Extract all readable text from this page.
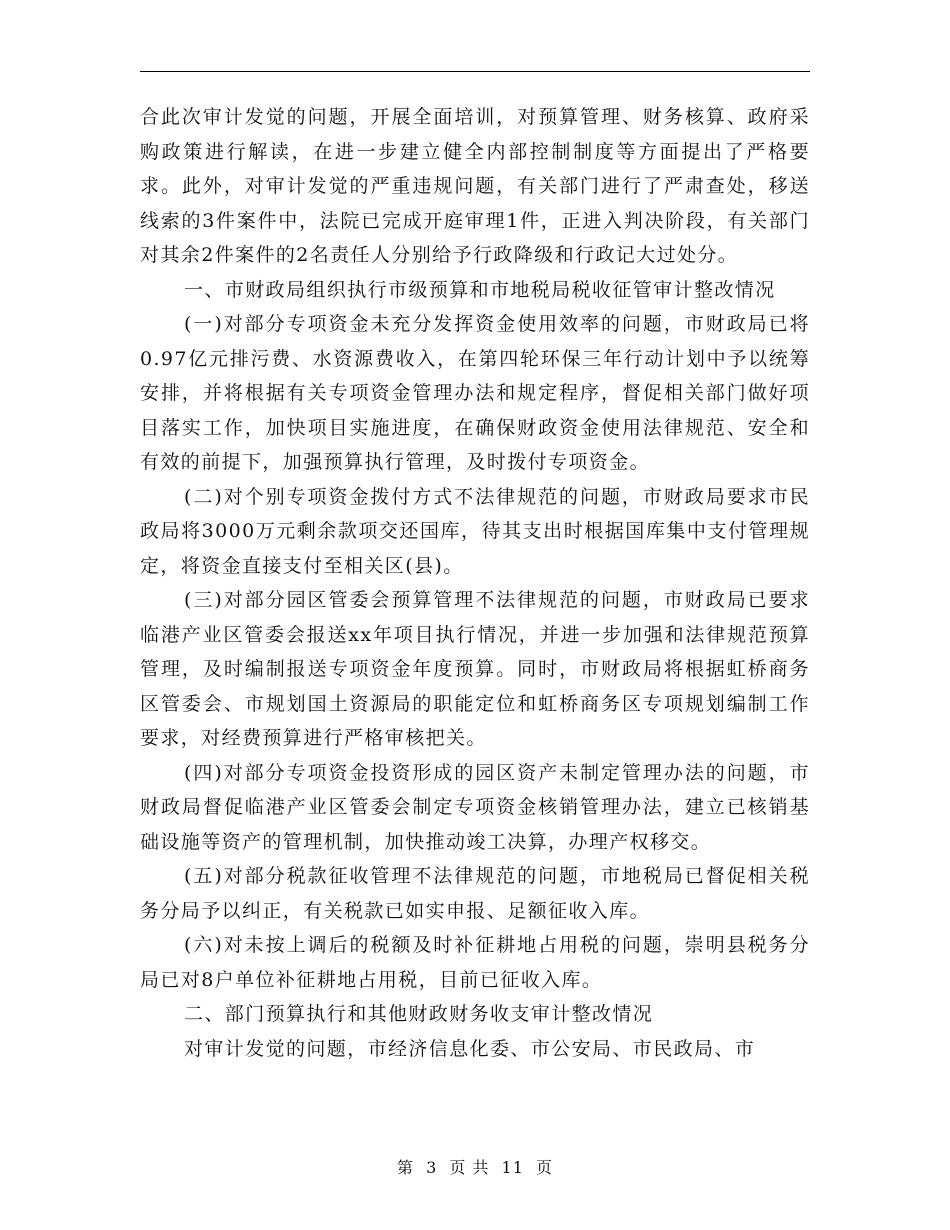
合此次审计发觉的问题，开展全面培训，对预算管理、财务核算、政府采购政策进行解读，在进一步建立健全内部控制制度等方面提出了严格要求。此外，对审计发觉的严重违规问题，有关部门进行了严肃查处，移送线索的3件案件中，法院已完成开庭审理1件，正进入判决阶段，有关部门对其余2件案件的2名责任人分别给予行政降级和行政记大过处分。

一、市财政局组织执行市级预算和市地税局税收征管审计整改情况

(一)对部分专项资金未充分发挥资金使用效率的问题，市财政局已将0.97亿元排污费、水资源费收入，在第四轮环保三年行动计划中予以统筹安排，并将根据有关专项资金管理办法和规定程序，督促相关部门做好项目落实工作，加快项目实施进度，在确保财政资金使用法律规范、安全和有效的前提下，加强预算执行管理，及时拨付专项资金。

(二)对个别专项资金拨付方式不法律规范的问题，市财政局要求市民政局将3000万元剩余款项交还国库，待其支出时根据国库集中支付管理规定，将资金直接支付至相关区(县)。

(三)对部分园区管委会预算管理不法律规范的问题，市财政局已要求临港产业区管委会报送xx年项目执行情况，并进一步加强和法律规范预算管理，及时编制报送专项资金年度预算。同时，市财政局将根据虹桥商务区管委会、市规划国土资源局的职能定位和虹桥商务区专项规划编制工作要求，对经费预算进行严格审核把关。

(四)对部分专项资金投资形成的园区资产未制定管理办法的问题，市财政局督促临港产业区管委会制定专项资金核销管理办法，建立已核销基础设施等资产的管理机制，加快推动竣工决算，办理产权移交。

(五)对部分税款征收管理不法律规范的问题，市地税局已督促相关税务分局予以纠正，有关税款已如实申报、足额征收入库。

(六)对未按上调后的税额及时补征耕地占用税的问题，崇明县税务分局已对8户单位补征耕地占用税，目前已征收入库。

二、部门预算执行和其他财政财务收支审计整改情况

对审计发觉的问题，市经济信息化委、市公安局、市民政局、市

第 3 页 共 11 页
